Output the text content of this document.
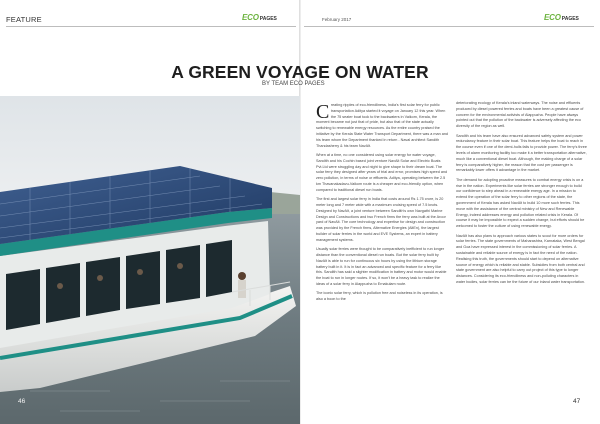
FEATURE	ECO PAGES	February 2017	ECO PAGES
A GREEN VOYAGE ON WATER
BY TEAM ECO PAGES

Creating ripples of eco-friendliness, India's first solar ferry for public transportation Aditya started it voyage on January 12 this year. When the 75 seater boat took to the backwaters in Vaikom, Kerala, the moment became not just that of pride, but also that of the state actually switching to renewable energy resources. As the entire country praised the initiative by the Kerala State Water Transport Department, there was a man and his team whom the Department thanked in return - Naval architect Sandith Thandasherry & his team NavAlt.

When at a time, no one considered using solar energy for water voyage, Sandith and his Cochin based joint venture NavAlt Solar and Electric Boats Pvt.Ltd were struggling day and night to give shape to their dream boat. The solar ferry they designed after years of trial and error, promises high speed and zero pollution, in terms of noise or effluents. Aditya, operating between the 2.5 km Thavanakadavu-Vaikom route is a cheaper and eco-friendly option, when compared to traditional diesel run boats.

The first and largest solar ferry in India that costs around Rs 1.75 crore, is 20 meter long and 7 meter wide with a maximum cruising speed of 7.5 knots. Designed by NavAlt, a joint venture between Sandith's own Navgathi Marine Design and Constructions and two French firms the ferry was built at the Aroor yard of NavAlt. The core technology and expertise for design and construction was provided by the French firms, Alternative Energies (AltEn), the largest builder of solar ferries in the world and EVE Systems, an expert in battery management systems.

Usually solar ferries were thought to be comparatively inefficient to run longer distance than the conventional diesel run boats. But the solar ferry built by NavAlt is able to run for continuous six hours by using the lithium storage battery built in it. It is in fact an advanced and specific feature for a ferry like this. Sandith has said a slighter modification in battery and motor would enable the boat to run in longer routes. If so, it won't be a heavy task to realize the ideas of a solar ferry in Alappuzha to Ernakulam route.

The iconic solar ferry, which is pollution free and noiseless in its operation, is also a boon to the

deteriorating ecology of Kerala's inland waterways. The noise and effluents produced by diesel powered ferries and boats have been a greatest cause of concern for the environmental activists of Alappuzha. People have always pointed out that the pollution of the backwater is adversely affecting the eco diversity of the region as well.

Sandith and his team have also ensured advanced safety system and power redundancy feature in their solar boat. This feature helps the boat to reach in the course even if one of the demi-hulls fails to provide power. The ferry's three levels of alarm monitoring facility too make it a better transportation alternative, much like a conventional diesel boat. Although, the making charge of a solar ferry is comparatively higher, the reason that the cost per passenger is remarkably lower offers it advantage in the market.

The demand for adopting proactive measures to combat energy crisis is on a rise in the nation. Experiments like solar ferries are stronger enough to build our confidence to step ahead in a renewable energy age. In a mission to extend the operation of the solar ferry to other regions of the state, the government of Kerala has asked NavAlt to build 10 more such ferries. This move with the assistance of the central ministry of New and Renewable Energy, indeed addresses energy and pollution related crisis in Kerala. Of course it may be impossible to expect a sudden change, but efforts should be welcomed to foster the culture of using renewable energy.

NavAlt has also plans to approach various states to scout for more orders for solar ferries. The state governments of Maharashtra, Karnataka, West Bengal and Goa have expressed interest in the commissioning of solar ferries. A sustainable and reliable source of energy is in fact the need of the nation. Realising this truth, the governments should start to depend on alternative source of energy which is reliable and stable. Subsidies from both central and state government are also helpful to carry out project of this type to longer distances. Considering its eco-friendliness and non-polluting characters in water bodies, solar ferries can be the future of our inland water transportation.

46	47
